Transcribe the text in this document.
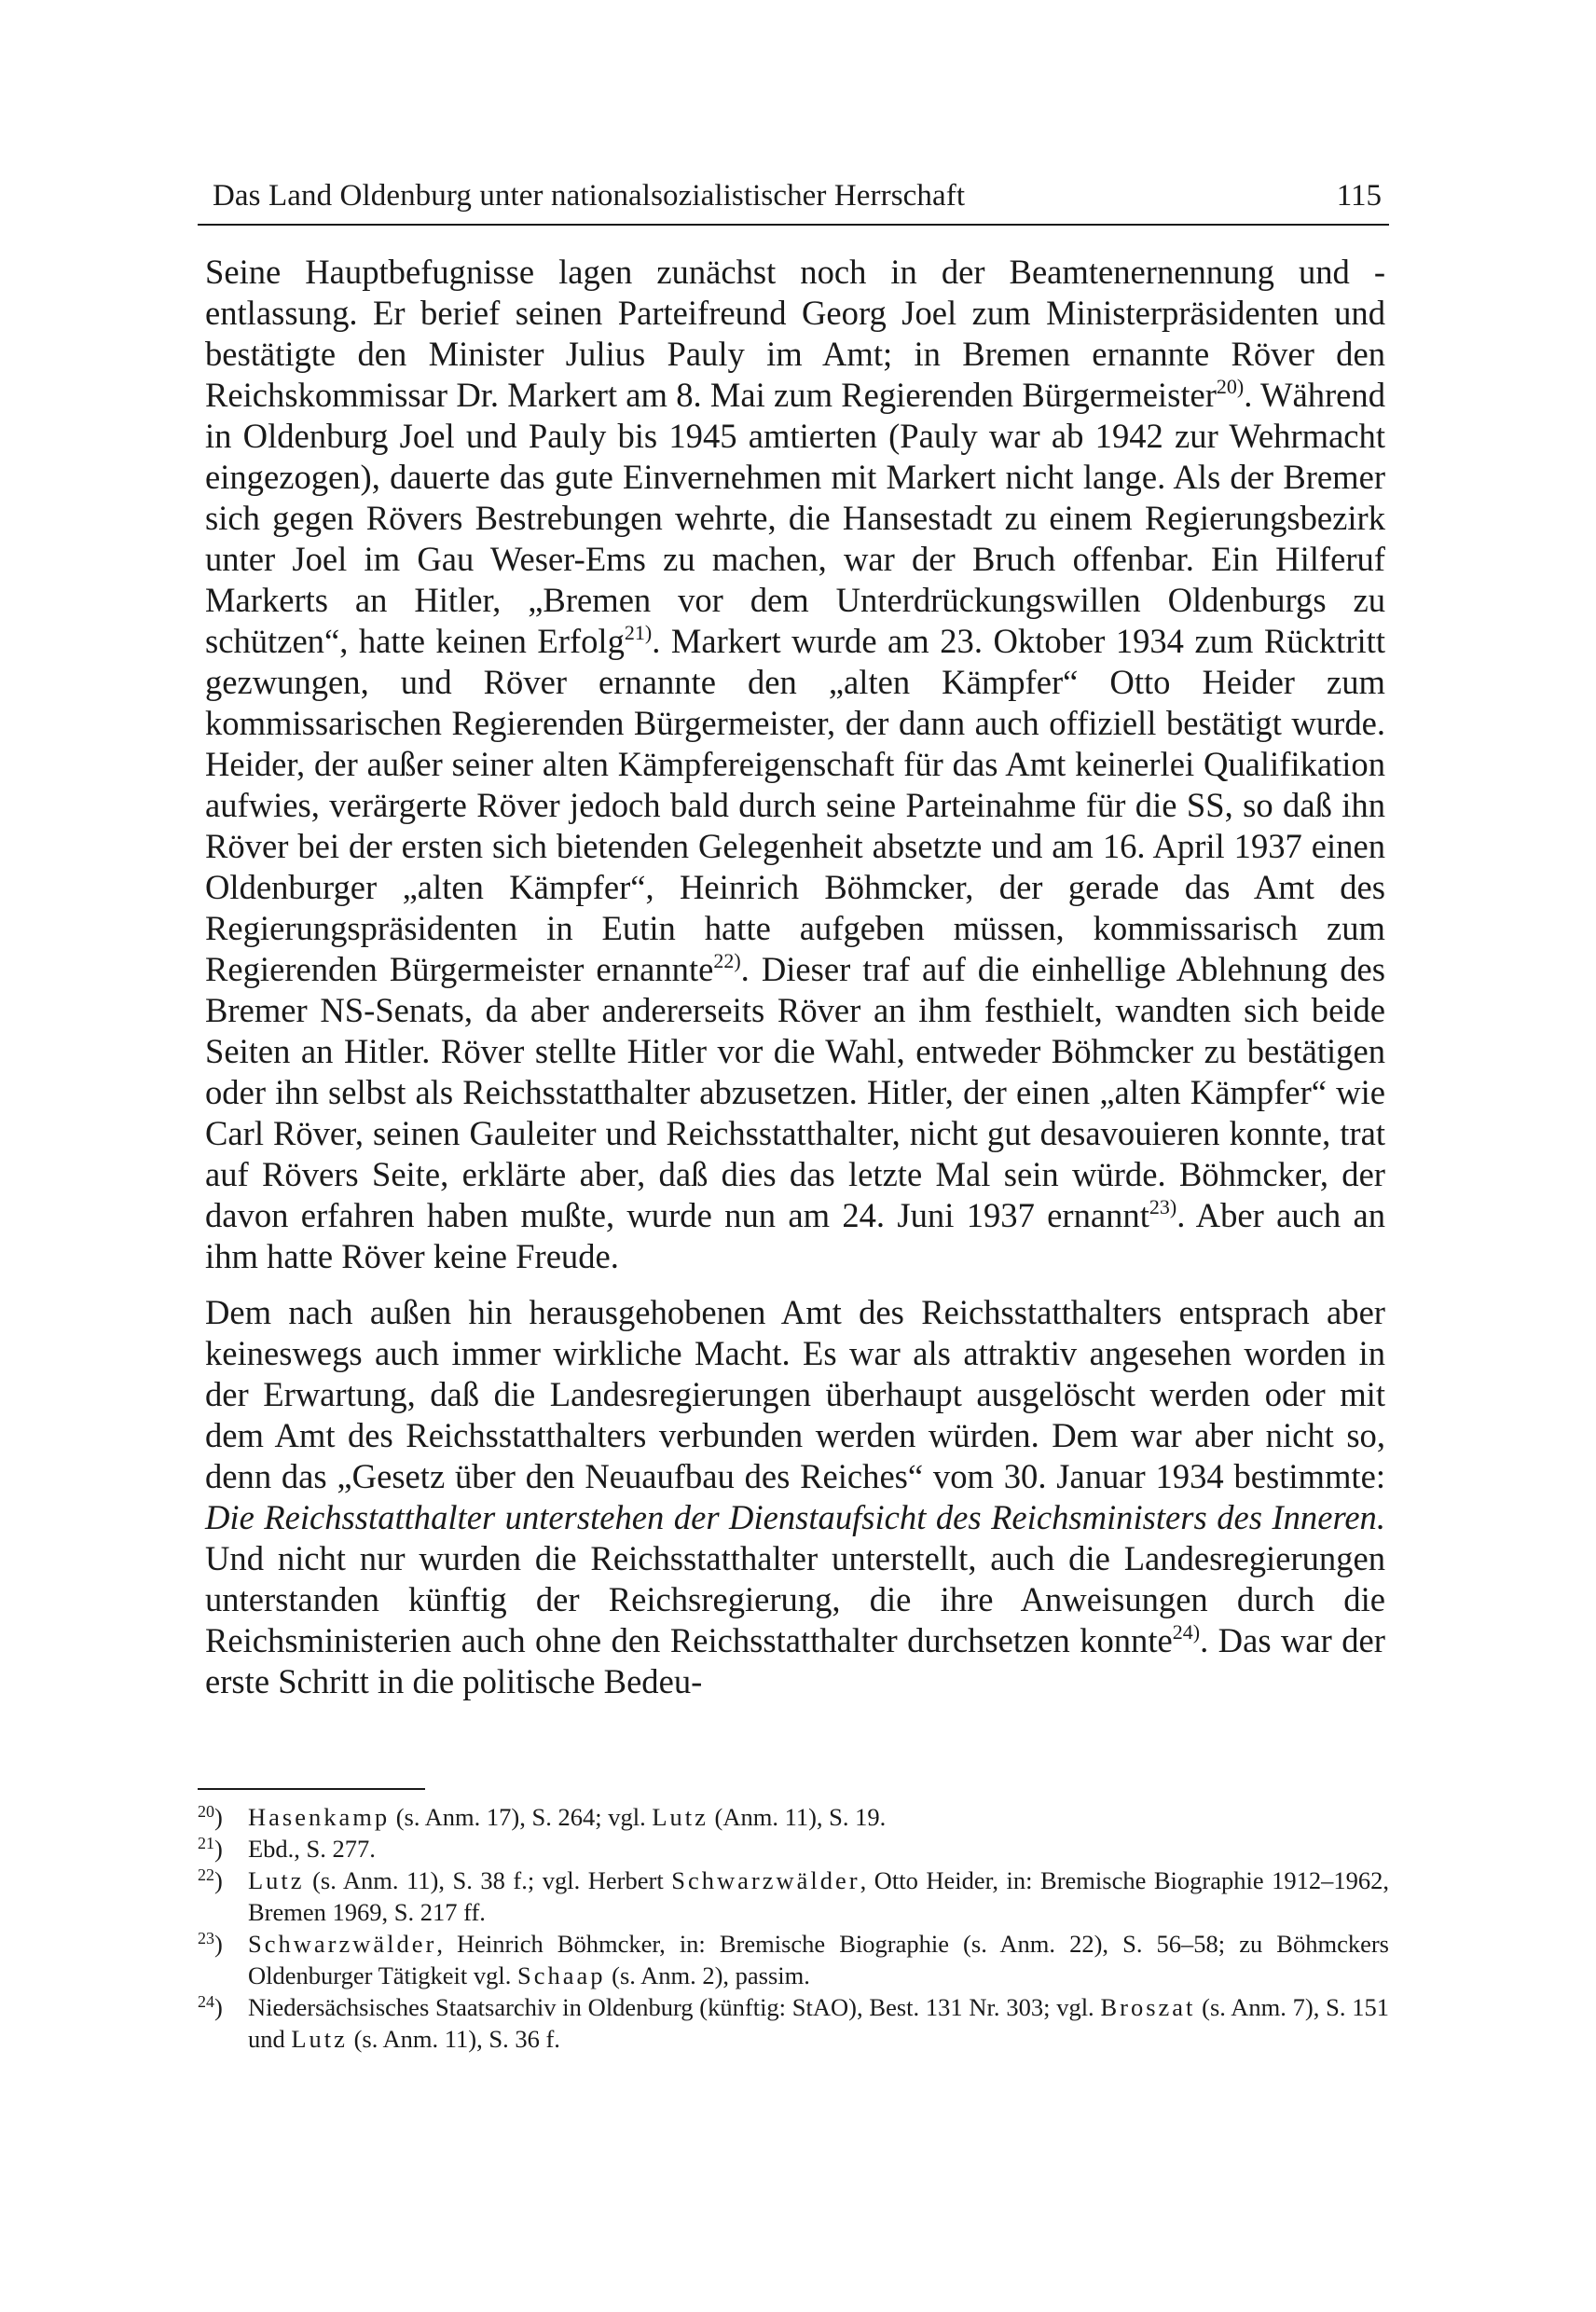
Das Land Oldenburg unter nationalsozialistischer Herrschaft	115

Seine Hauptbefugnisse lagen zunächst noch in der Beamtenernennung und -entlassung. Er berief seinen Parteifreund Georg Joel zum Ministerpräsidenten und bestätigte den Minister Julius Pauly im Amt; in Bremen ernannte Röver den Reichskommissar Dr. Markert am 8. Mai zum Regierenden Bürgermeister$^{20)}$. Während in Oldenburg Joel und Pauly bis 1945 amtierten (Pauly war ab 1942 zur Wehrmacht eingezogen), dauerte das gute Einvernehmen mit Markert nicht lange. Als der Bremer sich gegen Rövers Bestrebungen wehrte, die Hansestadt zu einem Regierungsbezirk unter Joel im Gau Weser-Ems zu machen, war der Bruch offenbar. Ein Hilferuf Markerts an Hitler, „Bremen vor dem Unterdrückungswillen Oldenburgs zu schützen“, hatte keinen Erfolg$^{21)}$. Markert wurde am 23. Oktober 1934 zum Rücktritt gezwungen, und Röver ernannte den „alten Kämpfer“ Otto Heider zum kommissarischen Regierenden Bürgermeister, der dann auch offiziell bestätigt wurde. Heider, der außer seiner alten Kämpfereigenschaft für das Amt keinerlei Qualifikation aufwies, verärgerte Röver jedoch bald durch seine Parteinahme für die SS, so daß ihn Röver bei der ersten sich bietenden Gelegenheit absetzte und am 16. April 1937 einen Oldenburger „alten Kämpfer“, Heinrich Böhmcker, der gerade das Amt des Regierungspräsidenten in Eutin hatte aufgeben müssen, kommissarisch zum Regierenden Bürgermeister ernannte$^{22)}$. Dieser traf auf die einhellige Ablehnung des Bremer NS-Senats, da aber andererseits Röver an ihm festhielt, wandten sich beide Seiten an Hitler. Röver stellte Hitler vor die Wahl, entweder Böhmcker zu bestätigen oder ihn selbst als Reichsstatthalter abzusetzen. Hitler, der einen „alten Kämpfer“ wie Carl Röver, seinen Gauleiter und Reichsstatthalter, nicht gut desavouieren konnte, trat auf Rövers Seite, erklärte aber, daß dies das letzte Mal sein würde. Böhmcker, der davon erfahren haben mußte, wurde nun am 24. Juni 1937 ernannt$^{23)}$. Aber auch an ihm hatte Röver keine Freude.

Dem nach außen hin herausgehobenen Amt des Reichsstatthalters entsprach aber keineswegs auch immer wirkliche Macht. Es war als attraktiv angesehen worden in der Erwartung, daß die Landesregierungen überhaupt ausgelöscht werden oder mit dem Amt des Reichsstatthalters verbunden werden würden. Dem war aber nicht so, denn das „Gesetz über den Neuaufbau des Reiches“ vom 30. Januar 1934 bestimmte: Die Reichsstatthalter unterstehen der Dienstaufsicht des Reichsministers des Inneren. Und nicht nur wurden die Reichsstatthalter unterstellt, auch die Landesregierungen unterstanden künftig der Reichsregierung, die ihre Anweisungen durch die Reichsministerien auch ohne den Reichsstatthalter durchsetzen konnte$^{24)}$. Das war der erste Schritt in die politische Bedeu-

$^{20}$) Hasenkamp (s. Anm. 17), S. 264; vgl. Lutz (Anm. 11), S. 19.
$^{21}$) Ebd., S. 277.
$^{22}$) Lutz (s. Anm. 11), S. 38 f.; vgl. Herbert Schwarzwälder, Otto Heider, in: Bremische Biographie 1912–1962, Bremen 1969, S. 217 ff.
$^{23}$) Schwarzwälder, Heinrich Böhmcker, in: Bremische Biographie (s. Anm. 22), S. 56–58; zu Böhmckers Oldenburger Tätigkeit vgl. Schaap (s. Anm. 2), passim.
$^{24}$) Niedersächsisches Staatsarchiv in Oldenburg (künftig: StAO), Best. 131 Nr. 303; vgl. Broszat (s. Anm. 7), S. 151 und Lutz (s. Anm. 11), S. 36 f.
